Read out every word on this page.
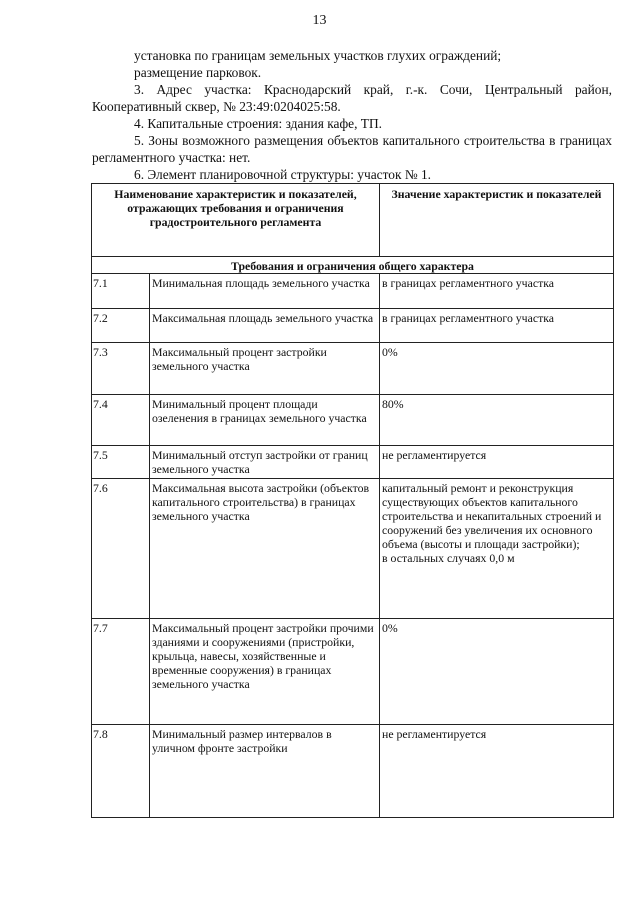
13

установка по границам земельных участков глухих ограждений;

размещение парковок.

3. Адрес участка: Краснодарский край, г.-к. Сочи, Центральный район, Кооперативный сквер, № 23:49:0204025:58.

4. Капитальные строения: здания кафе, ТП.

5. Зоны возможного размещения объектов капитального строительства в границах регламентного участка: нет.

6. Элемент планировочной структуры: участок № 1.

Наименование характеристик и показателей, отражающих требования и ограничения градостроительного регламента		Значение характеристик и показателей
Требования и ограничения общего характера		
7.1	Минимальная площадь земельного участка	в границах регламентного участка
7.2	Максимальная площадь земельного участка	в границах регламентного участка
7.3	Максимальный процент застройки земельного участка	0%
7.4	Минимальный процент площади озеленения в границах земельного участка	80%
7.5	Минимальный отступ застройки от границ земельного участка	не регламентируется
7.6	Максимальная высота застройки (объектов капитального строительства) в границах земельного участка	капитальный ремонт и реконструкция существующих объектов капитального строительства и некапитальных строений и сооружений без увеличения их основного объема (высоты и площади застройки);
в остальных случаях 0,0 м

7.7	Максимальный процент застройки прочими зданиями и сооружениями (пристройки, крыльца, навесы, хозяйственные и временные сооружения) в границах земельного участка	0%
7.8	Минимальный размер интервалов в уличном фронте застройки	не регламентируется
